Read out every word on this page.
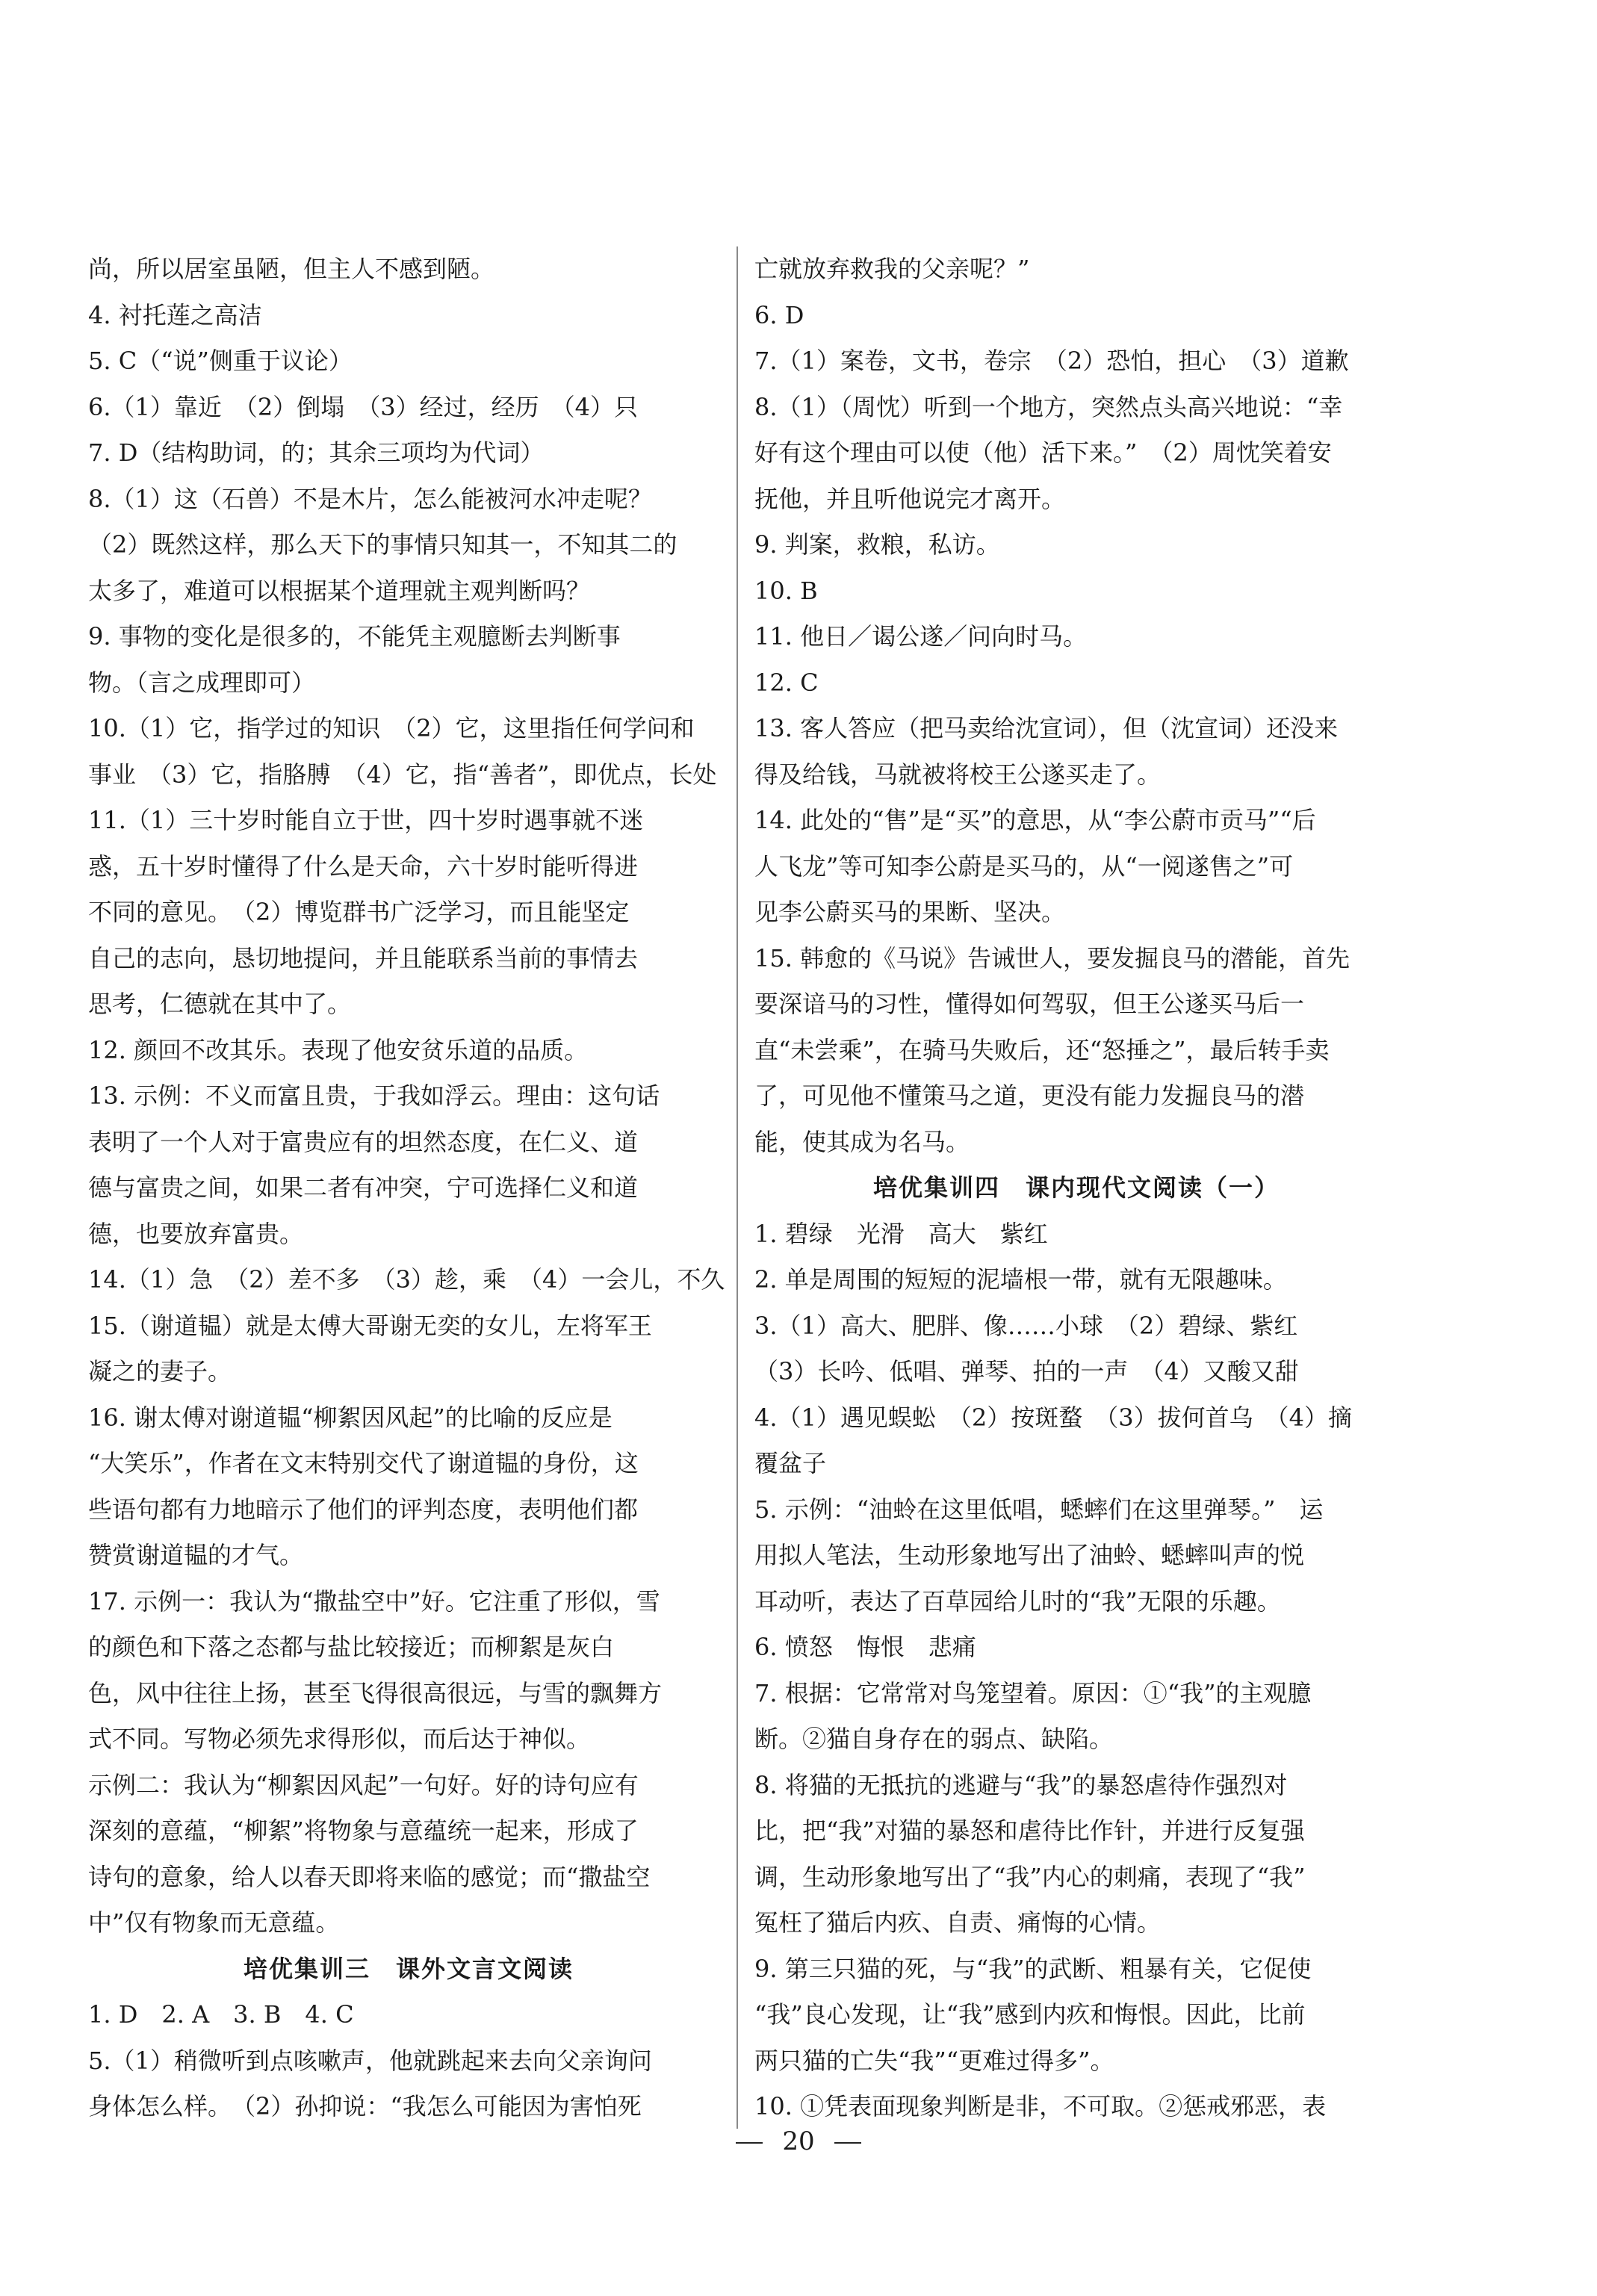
尚，所以居室虽陋，但主人不感到陋。

4. 衬托莲之高洁

5. C（“说”侧重于议论）

6.（1）靠近　（2）倒塌　（3）经过，经历　（4）只

7. D（结构助词，的；其余三项均为代词）

8.（1）这（石兽）不是木片，怎么能被河水冲走呢？

（2）既然这样，那么天下的事情只知其一，不知其二的

太多了，难道可以根据某个道理就主观判断吗？

9. 事物的变化是很多的，不能凭主观臆断去判断事

物。（言之成理即可）

10.（1）它，指学过的知识　（2）它，这里指任何学问和

事业　（3）它，指胳膊　（4）它，指“善者”，即优点，长处

11.（1）三十岁时能自立于世，四十岁时遇事就不迷

惑，五十岁时懂得了什么是天命，六十岁时能听得进

不同的意见。　（2）博览群书广泛学习，而且能坚定

自己的志向，恳切地提问，并且能联系当前的事情去

思考，仁德就在其中了。

12. 颜回不改其乐。表现了他安贫乐道的品质。

13. 示例：不义而富且贵，于我如浮云。理由：这句话

表明了一个人对于富贵应有的坦然态度，在仁义、道

德与富贵之间，如果二者有冲突，宁可选择仁义和道

德，也要放弃富贵。

14.（1）急　（2）差不多　（3）趁，乘　（4）一会儿，不久

15.（谢道韫）就是太傅大哥谢无奕的女儿，左将军王

凝之的妻子。

16. 谢太傅对谢道韫“柳絮因风起”的比喻的反应是

“大笑乐”，作者在文末特别交代了谢道韫的身份，这

些语句都有力地暗示了他们的评判态度，表明他们都

赞赏谢道韫的才气。

17. 示例一：我认为“撒盐空中”好。它注重了形似，雪

的颜色和下落之态都与盐比较接近；而柳絮是灰白

色，风中往往上扬，甚至飞得很高很远，与雪的飘舞方

式不同。写物必须先求得形似，而后达于神似。

示例二：我认为“柳絮因风起”一句好。好的诗句应有

深刻的意蕴，“柳絮”将物象与意蕴统一起来，形成了

诗句的意象，给人以春天即将来临的感觉；而“撒盐空

中”仅有物象而无意蕴。

培优集训三　课外文言文阅读

1. D　2. A　3. B　4. C

5.（1）稍微听到点咳嗽声，他就跳起来去向父亲询问

身体怎么样。　（2）孙抑说：“我怎么可能因为害怕死

亡就放弃救我的父亲呢？”

6. D

7.（1）案卷，文书，卷宗　（2）恐怕，担心　（3）道歉

8.（1）（周忱）听到一个地方，突然点头高兴地说：“幸

好有这个理由可以使（他）活下来。”　（2）周忱笑着安

抚他，并且听他说完才离开。

9. 判案，救粮，私访。

10. B

11. 他日／谒公遂／问向时马。

12. C

13. 客人答应（把马卖给沈宣词），但（沈宣词）还没来

得及给钱，马就被将校王公遂买走了。

14. 此处的“售”是“买”的意思，从“李公蔚市贡马”“后

人飞龙”等可知李公蔚是买马的，从“一阅遂售之”可

见李公蔚买马的果断、坚决。

15. 韩愈的《马说》告诫世人，要发掘良马的潜能，首先

要深谙马的习性，懂得如何驾驭，但王公遂买马后一

直“未尝乘”，在骑马失败后，还“怒捶之”，最后转手卖

了，可见他不懂策马之道，更没有能力发掘良马的潜

能，使其成为名马。

培优集训四　课内现代文阅读（一）

1. 碧绿　光滑　高大　紫红

2. 单是周围的短短的泥墙根一带，就有无限趣味。

3.（1）高大、肥胖、像……小球　（2）碧绿、紫红

（3）长吟、低唱、弹琴、拍的一声　（4）又酸又甜

4.（1）遇见蜈蚣　（2）按斑蝥　（3）拔何首乌　（4）摘

覆盆子

5. 示例：“油蛉在这里低唱，蟋蟀们在这里弹琴。”　运

用拟人笔法，生动形象地写出了油蛉、蟋蟀叫声的悦

耳动听，表达了百草园给儿时的“我”无限的乐趣。

6. 愤怒　悔恨　悲痛

7. 根据：它常常对鸟笼望着。原因：①“我”的主观臆

断。②猫自身存在的弱点、缺陷。

8. 将猫的无抵抗的逃避与“我”的暴怒虐待作强烈对

比，把“我”对猫的暴怒和虐待比作针，并进行反复强

调，生动形象地写出了“我”内心的刺痛，表现了“我”

冤枉了猫后内疚、自责、痛悔的心情。

9. 第三只猫的死，与“我”的武断、粗暴有关，它促使

“我”良心发现，让“我”感到内疚和悔恨。因此，比前

两只猫的亡失“我”“更难过得多”。

10. ①凭表面现象判断是非，不可取。②惩戒邪恶，表

20
